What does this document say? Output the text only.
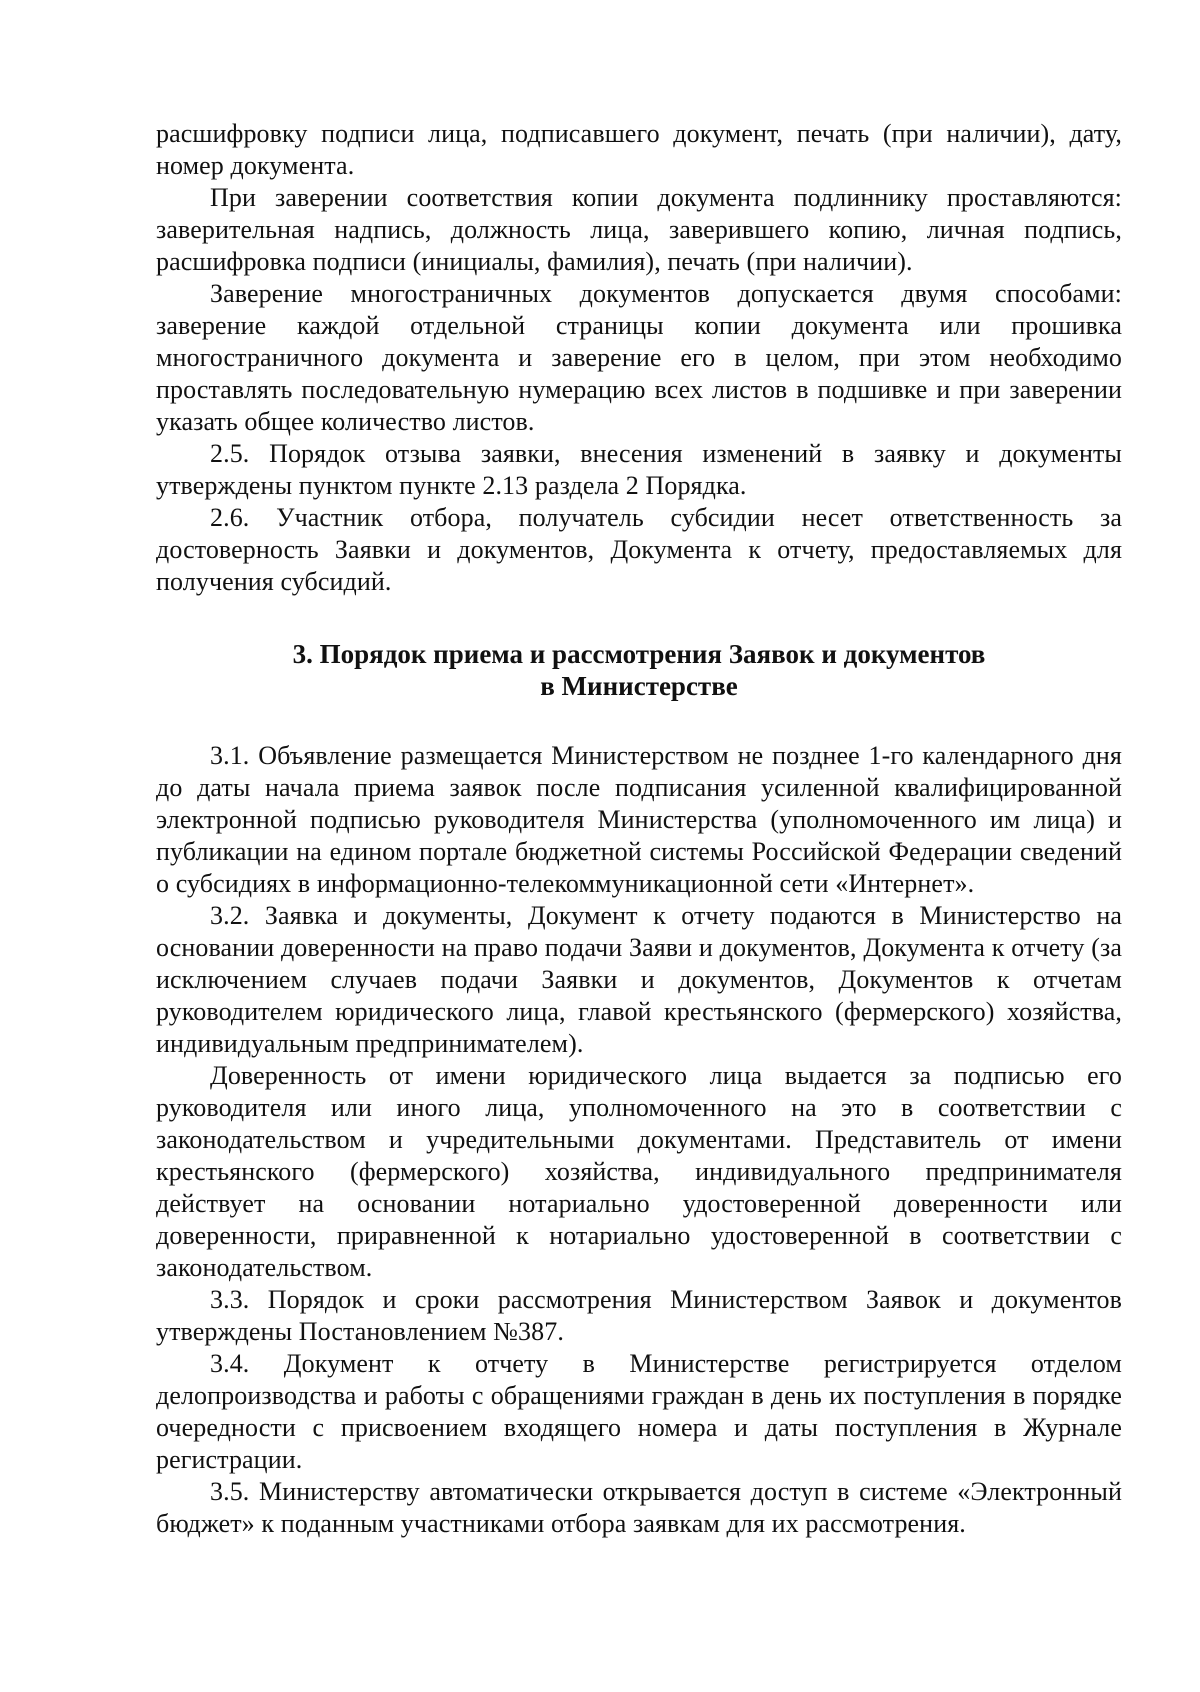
расшифровку подписи лица, подписавшего документ, печать (при наличии), дату, номер документа.

При заверении соответствия копии документа подлиннику проставляются: заверительная надпись, должность лица, заверившего копию, личная подпись, расшифровка подписи (инициалы, фамилия), печать (при наличии).

Заверение многостраничных документов допускается двумя способами: заверение каждой отдельной страницы копии документа или прошивка многостраничного документа и заверение его в целом, при этом необходимо проставлять последовательную нумерацию всех листов в подшивке и при заверении указать общее количество листов.

2.5. Порядок отзыва заявки, внесения изменений в заявку и документы утверждены пунктом пункте 2.13 раздела 2 Порядка.

2.6. Участник отбора, получатель субсидии несет ответственность за достоверность Заявки и документов, Документа к отчету, предоставляемых для получения субсидий.

3. Порядок приема и рассмотрения Заявок и документов
в Министерстве

3.1. Объявление размещается Министерством не позднее 1-го календарного дня до даты начала приема заявок после подписания усиленной квалифицированной электронной подписью руководителя Министерства (уполномоченного им лица) и публикации на едином портале бюджетной системы Российской Федерации сведений о субсидиях в информационно-телекоммуникационной сети «Интернет».

3.2. Заявка и документы, Документ к отчету подаются в Министерство на основании доверенности на право подачи Заяви и документов, Документа к отчету (за исключением случаев подачи Заявки и документов, Документов к отчетам руководителем юридического лица, главой крестьянского (фермерского) хозяйства, индивидуальным предпринимателем).

Доверенность от имени юридического лица выдается за подписью его руководителя или иного лица, уполномоченного на это в соответствии с законодательством и учредительными документами. Представитель от имени крестьянского (фермерского) хозяйства, индивидуального предпринимателя действует на основании нотариально удостоверенной доверенности или доверенности, приравненной к нотариально удостоверенной в соответствии с законодательством.

3.3. Порядок и сроки рассмотрения Министерством Заявок и документов утверждены Постановлением №387.

3.4. Документ к отчету в Министерстве регистрируется отделом делопроизводства и работы с обращениями граждан в день их поступления в порядке очередности с присвоением входящего номера и даты поступления в Журнале регистрации.

3.5. Министерству автоматически открывается доступ в системе «Электронный бюджет» к поданным участниками отбора заявкам для их рассмотрения.
